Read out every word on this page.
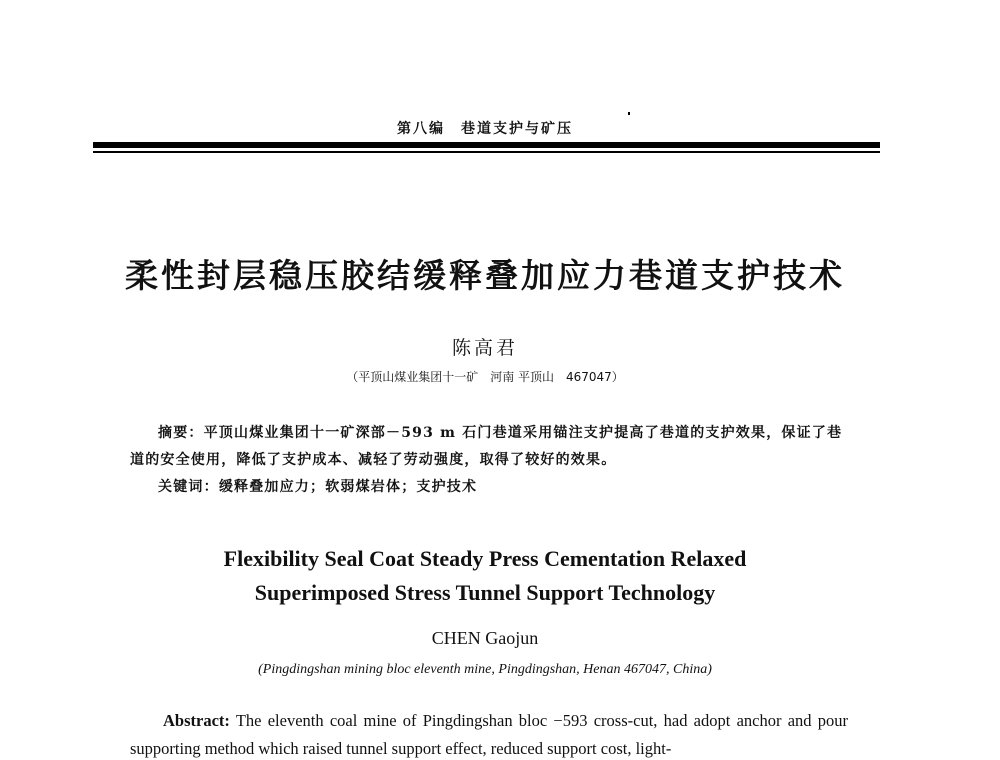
第八编　巷道支护与矿压
柔性封层稳压胶结缓释叠加应力巷道支护技术
陈高君
（平顶山煤业集团十一矿　河南 平顶山　467047）
摘要：平顶山煤业集团十一矿深部－593 m 石门巷道采用锚注支护提高了巷道的支护效果，保证了巷道的安全使用，降低了支护成本、减轻了劳动强度，取得了较好的效果。
关键词：缓释叠加应力；软弱煤岩体；支护技术
Flexibility Seal Coat Steady Press Cementation Relaxed
Superimposed Stress Tunnel Support Technology
CHEN Gaojun
(Pingdingshan mining bloc eleventh mine, Pingdingshan, Henan 467047, China)
Abstract: The eleventh coal mine of Pingdingshan bloc −593 cross-cut, had adopt anchor and pour supporting method which raised tunnel support effect, reduced support cost, light-
